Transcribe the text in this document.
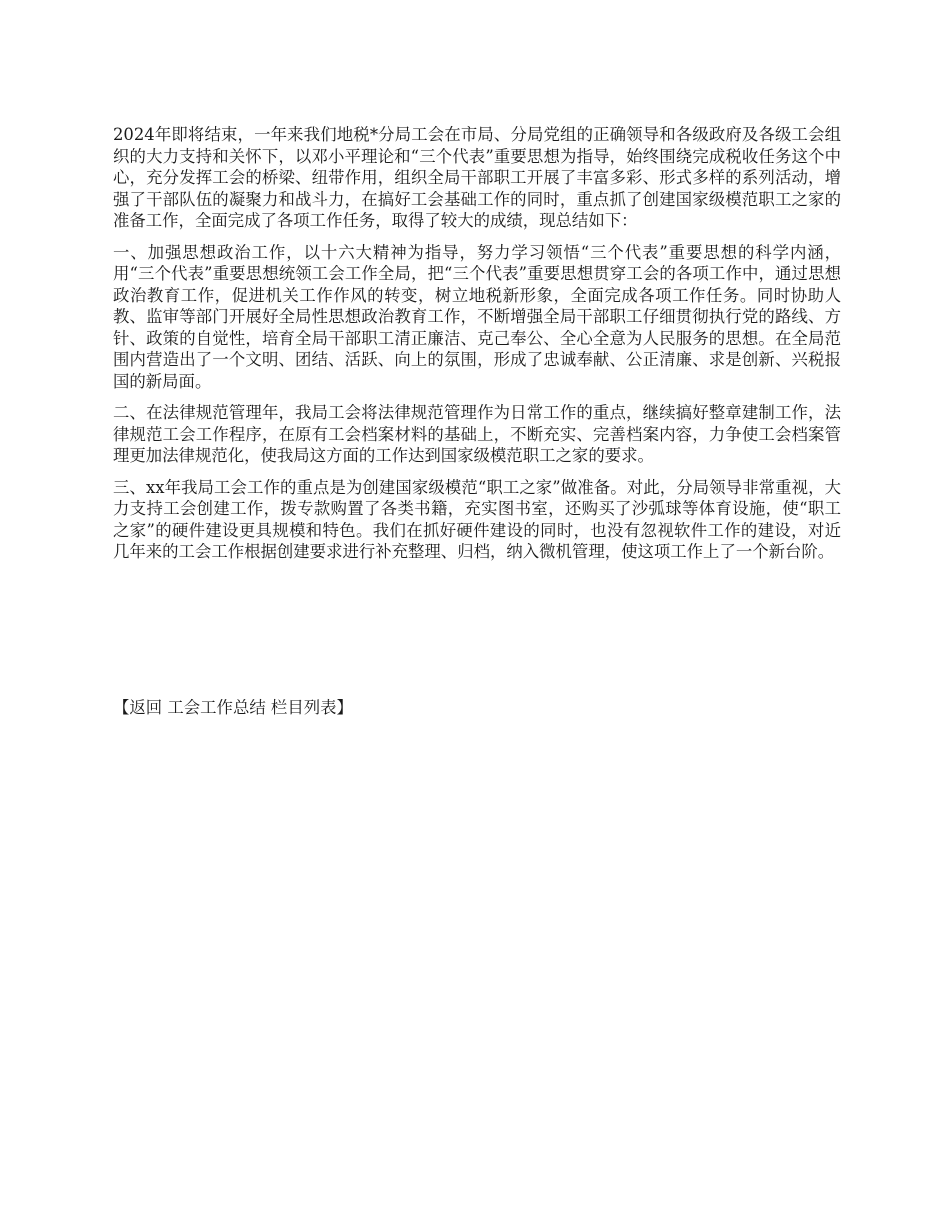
2024年即将结束，一年来我们地税*分局工会在市局、分局党组的正确领导和各级政府及各级工会组织的大力支持和关怀下，以邓小平理论和“三个代表”重要思想为指导，始终围绕完成税收任务这个中心，充分发挥工会的桥梁、纽带作用，组织全局干部职工开展了丰富多彩、形式多样的系列活动，增强了干部队伍的凝聚力和战斗力，在搞好工会基础工作的同时，重点抓了创建国家级模范职工之家的准备工作，全面完成了各项工作任务，取得了较大的成绩，现总结如下：

一、加强思想政治工作，以十六大精神为指导，努力学习领悟“三个代表”重要思想的科学内涵，用“三个代表”重要思想统领工会工作全局，把“三个代表”重要思想贯穿工会的各项工作中，通过思想政治教育工作，促进机关工作作风的转变，树立地税新形象，全面完成各项工作任务。同时协助人教、监审等部门开展好全局性思想政治教育工作，不断增强全局干部职工仔细贯彻执行党的路线、方针、政策的自觉性，培育全局干部职工清正廉洁、克己奉公、全心全意为人民服务的思想。在全局范围内营造出了一个文明、团结、活跃、向上的氛围，形成了忠诚奉献、公正清廉、求是创新、兴税报国的新局面。

二、在法律规范管理年，我局工会将法律规范管理作为日常工作的重点，继续搞好整章建制工作，法律规范工会工作程序，在原有工会档案材料的基础上，不断充实、完善档案内容，力争使工会档案管理更加法律规范化，使我局这方面的工作达到国家级模范职工之家的要求。

三、xx年我局工会工作的重点是为创建国家级模范“职工之家”做准备。对此，分局领导非常重视，大力支持工会创建工作，拨专款购置了各类书籍，充实图书室，还购买了沙弧球等体育设施，使“职工之家”的硬件建设更具规模和特色。我们在抓好硬件建设的同时，也没有忽视软件工作的建设，对近几年来的工会工作根据创建要求进行补充整理、归档，纳入微机管理，使这项工作上了一个新台阶。

【返回 工会工作总结 栏目列表】
